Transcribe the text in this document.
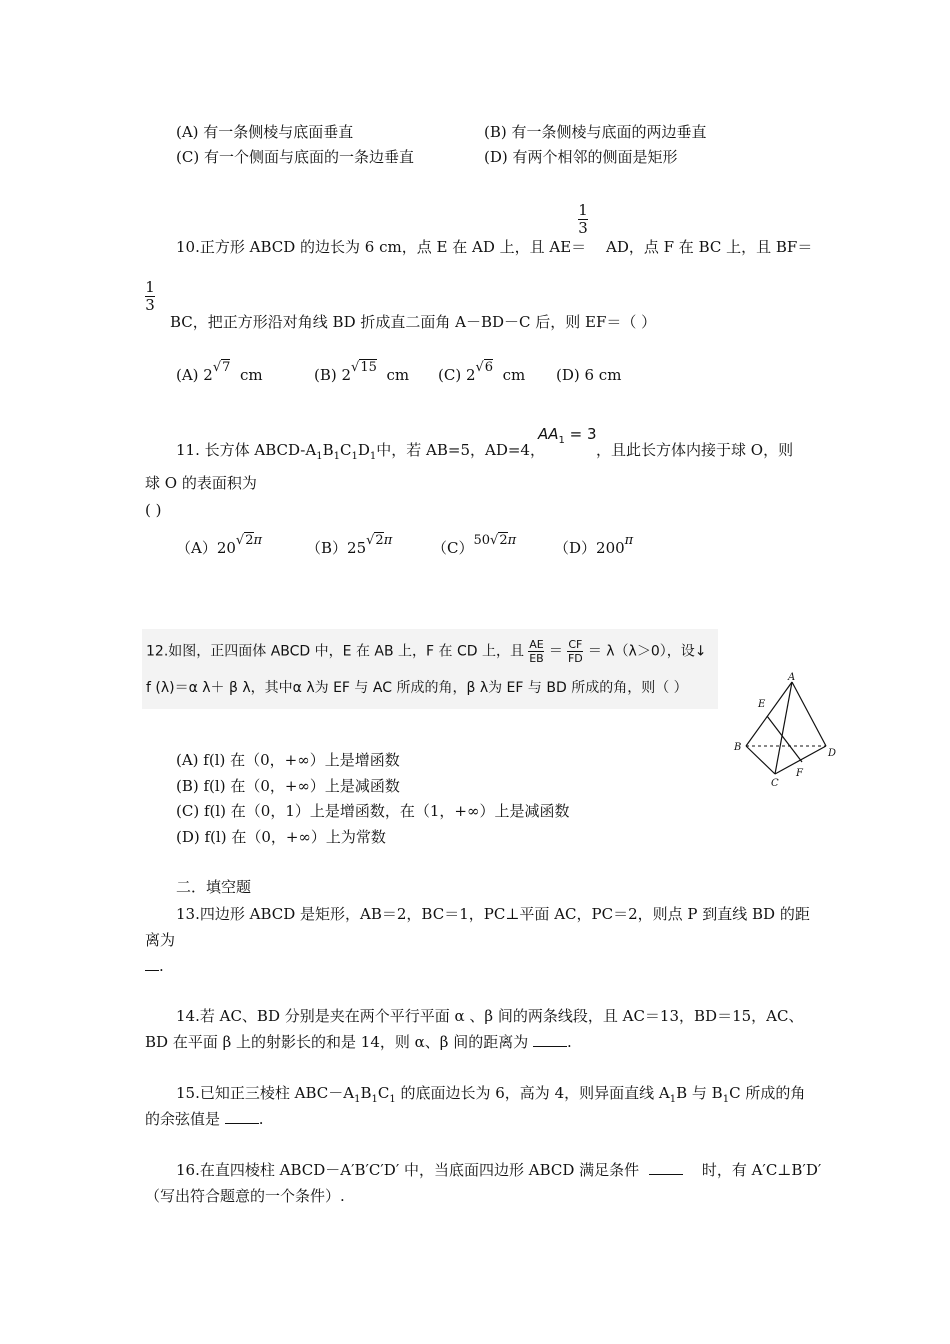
(A) 有一条侧棱与底面垂直	(B) 有一条侧棱与底面的两边垂直
(C) 有一个侧面与底面的一条边垂直	(D) 有两个相邻的侧面是矩形
10.正方形 ABCD 的边长为 6 cm，点 E 在 AD 上，且 AE＝
$\frac{1}{3}$
AD，点 F 在 BC 上，且 BF＝
$\frac{1}{3}$
BC，把正方形沿对角线 BD 折成直二面角 A－BD－C 后，则 EF＝（ ）
(A) 2√7 cm	(B) 2√15 cm (C) 2√6 cm (D) 6 cm
11. 长方体 ABCD-$A_1B_1C_1D_1$中，若 AB=5，AD=4，
$AA_1 = 3$
，且此长方体内接于球 O，则
球 O 的表面积为
( )
（A）20√2π	（B）25√2π	（C）50√2π	（D）200π
12.如图，正四面体 ABCD 中，E 在 AB 上，F 在 CD 上，且 $\frac{AE}{EB} = \frac{CF}{FD} = \lambda(\lambda>0)$，设↓
f (λ)＝α λ＋ β λ，其中α λ为 EF 与 AC 所成的角，β λ为 EF 与 BD 所成的角，则（ ）
A
E
B
D
F
C
(A) f(l) 在（0，+∞）上是增函数
(B) f(l) 在（0，+∞）上是减函数
(C) f(l) 在（0，1）上是增函数，在（1，+∞）上是减函数
(D) f(l) 在（0，+∞）上为常数
二．填空题
13.四边形 ABCD 是矩形，AB＝2，BC＝1，PC⊥平面 AC，PC＝2，则点 P 到直线 BD 的距
离为
.
14.若 AC、BD 分别是夹在两个平行平面 α 、β 间的两条线段，且 AC＝13，BD＝15，AC、
BD 在平面 β 上的射影长的和是 14，则 α、β 间的距离为	.
15.已知正三棱柱 $ABC-A_1B_1C_1$ 的底面边长为 6，高为 4，则异面直线 $A_1B$ 与 $B_1C$ 所成的角
的余弦值是	.
16.在直四棱柱 ABCD－A′B′C′D′ 中，当底面四边形 ABCD 满足条件	时，有 A′C⊥B′D′
（写出符合题意的一个条件）.
